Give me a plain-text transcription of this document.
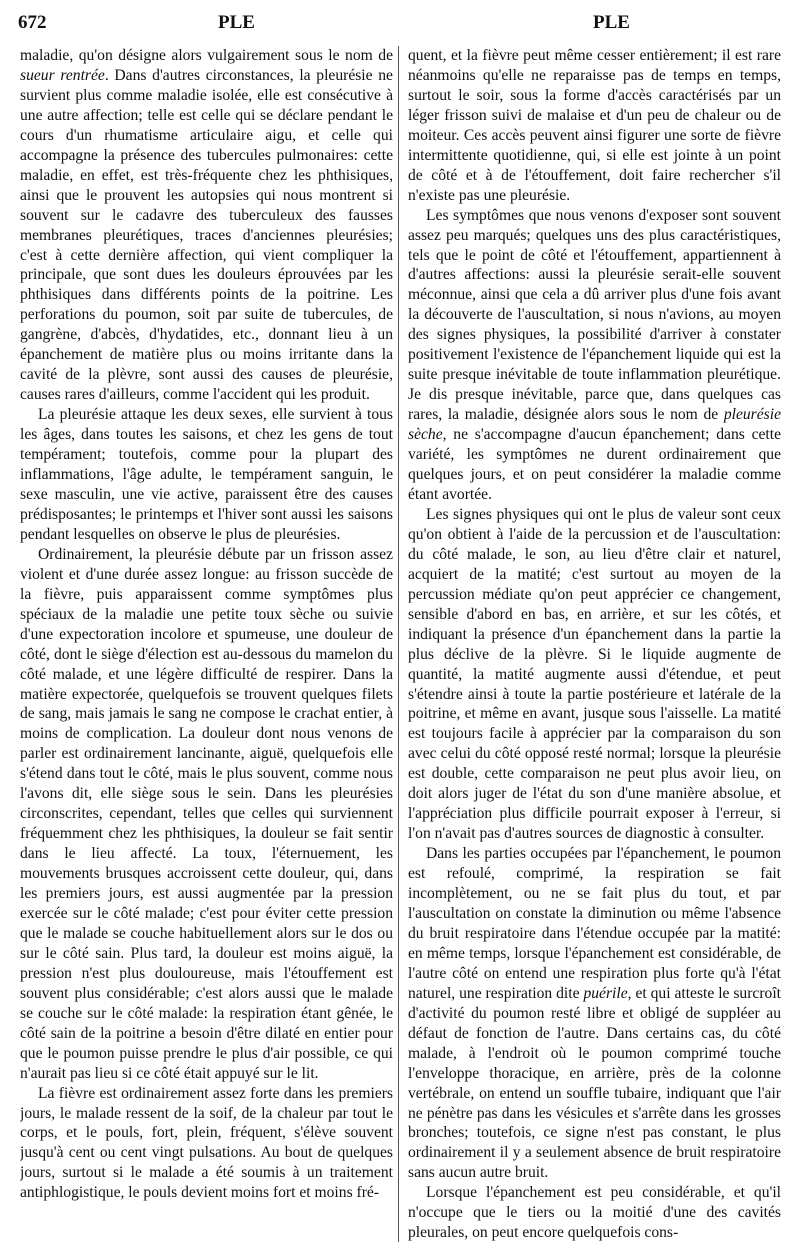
672	PLE	PLE

maladie, qu'on désigne alors vulgairement sous le nom de sueur rentrée. Dans d'autres circonstances, la pleurésie ne survient plus comme maladie isolée, elle est consécutive à une autre affection; telle est celle qui se déclare pendant le cours d'un rhumatisme articulaire aigu, et celle qui accompagne la présence des tubercules pulmonaires: cette maladie, en effet, est très-fréquente chez les phthisiques, ainsi que le prouvent les autopsies qui nous montrent si souvent sur le cadavre des tuberculeux des fausses membranes pleurétiques, traces d'anciennes pleurésies; c'est à cette dernière affection, qui vient compliquer la principale, que sont dues les douleurs éprouvées par les phthisiques dans différents points de la poitrine. Les perforations du poumon, soit par suite de tubercules, de gangrène, d'abcès, d'hydatides, etc., donnant lieu à un épanchement de matière plus ou moins irritante dans la cavité de la plèvre, sont aussi des causes de pleurésie, causes rares d'ailleurs, comme l'accident qui les produit.

La pleurésie attaque les deux sexes, elle survient à tous les âges, dans toutes les saisons, et chez les gens de tout tempérament; toutefois, comme pour la plupart des inflammations, l'âge adulte, le tempérament sanguin, le sexe masculin, une vie active, paraissent être des causes prédisposantes; le printemps et l'hiver sont aussi les saisons pendant lesquelles on observe le plus de pleurésies.

Ordinairement, la pleurésie débute par un frisson assez violent et d'une durée assez longue: au frisson succède de la fièvre, puis apparaissent comme symptômes plus spéciaux de la maladie une petite toux sèche ou suivie d'une expectoration incolore et spumeuse, une douleur de côté, dont le siège d'élection est au-dessous du mamelon du côté malade, et une légère difficulté de respirer. Dans la matière expectorée, quelquefois se trouvent quelques filets de sang, mais jamais le sang ne compose le crachat entier, à moins de complication. La douleur dont nous venons de parler est ordinairement lancinante, aiguë, quelquefois elle s'étend dans tout le côté, mais le plus souvent, comme nous l'avons dit, elle siège sous le sein. Dans les pleurésies circonscrites, cependant, telles que celles qui surviennent fréquemment chez les phthisiques, la douleur se fait sentir dans le lieu affecté. La toux, l'éternuement, les mouvements brusques accroissent cette douleur, qui, dans les premiers jours, est aussi augmentée par la pression exercée sur le côté malade; c'est pour éviter cette pression que le malade se couche habituellement alors sur le dos ou sur le côté sain. Plus tard, la douleur est moins aiguë, la pression n'est plus douloureuse, mais l'étouffement est souvent plus considérable; c'est alors aussi que le malade se couche sur le côté malade: la respiration étant gênée, le côté sain de la poitrine a besoin d'être dilaté en entier pour que le poumon puisse prendre le plus d'air possible, ce qui n'aurait pas lieu si ce côté était appuyé sur le lit.

La fièvre est ordinairement assez forte dans les premiers jours, le malade ressent de la soif, de la chaleur par tout le corps, et le pouls, fort, plein, fréquent, s'élève souvent jusqu'à cent ou cent vingt pulsations. Au bout de quelques jours, surtout si le malade a été soumis à un traitement antiphlogistique, le pouls devient moins fort et moins fré-

quent, et la fièvre peut même cesser entièrement; il est rare néanmoins qu'elle ne reparaisse pas de temps en temps, surtout le soir, sous la forme d'accès caractérisés par un léger frisson suivi de malaise et d'un peu de chaleur ou de moiteur. Ces accès peuvent ainsi figurer une sorte de fièvre intermittente quotidienne, qui, si elle est jointe à un point de côté et à de l'étouffement, doit faire rechercher s'il n'existe pas une pleurésie.

Les symptômes que nous venons d'exposer sont souvent assez peu marqués; quelques uns des plus caractéristiques, tels que le point de côté et l'étouffement, appartiennent à d'autres affections: aussi la pleurésie serait-elle souvent méconnue, ainsi que cela a dû arriver plus d'une fois avant la découverte de l'auscultation, si nous n'avions, au moyen des signes physiques, la possibilité d'arriver à constater positivement l'existence de l'épanchement liquide qui est la suite presque inévitable de toute inflammation pleurétique. Je dis presque inévitable, parce que, dans quelques cas rares, la maladie, désignée alors sous le nom de pleurésie sèche, ne s'accompagne d'aucun épanchement; dans cette variété, les symptômes ne durent ordinairement que quelques jours, et on peut considérer la maladie comme étant avortée.

Les signes physiques qui ont le plus de valeur sont ceux qu'on obtient à l'aide de la percussion et de l'auscultation: du côté malade, le son, au lieu d'être clair et naturel, acquiert de la matité; c'est surtout au moyen de la percussion médiate qu'on peut apprécier ce changement, sensible d'abord en bas, en arrière, et sur les côtés, et indiquant la présence d'un épanchement dans la partie la plus déclive de la plèvre. Si le liquide augmente de quantité, la matité augmente aussi d'étendue, et peut s'étendre ainsi à toute la partie postérieure et latérale de la poitrine, et même en avant, jusque sous l'aisselle. La matité est toujours facile à apprécier par la comparaison du son avec celui du côté opposé resté normal; lorsque la pleurésie est double, cette comparaison ne peut plus avoir lieu, on doit alors juger de l'état du son d'une manière absolue, et l'appréciation plus difficile pourrait exposer à l'erreur, si l'on n'avait pas d'autres sources de diagnostic à consulter.

Dans les parties occupées par l'épanchement, le poumon est refoulé, comprimé, la respiration se fait incomplètement, ou ne se fait plus du tout, et par l'auscultation on constate la diminution ou même l'absence du bruit respiratoire dans l'étendue occupée par la matité: en même temps, lorsque l'épanchement est considérable, de l'autre côté on entend une respiration plus forte qu'à l'état naturel, une respiration dite puérile, et qui atteste le surcroît d'activité du poumon resté libre et obligé de suppléer au défaut de fonction de l'autre. Dans certains cas, du côté malade, à l'endroit où le poumon comprimé touche l'enveloppe thoracique, en arrière, près de la colonne vertébrale, on entend un souffle tubaire, indiquant que l'air ne pénètre pas dans les vésicules et s'arrête dans les grosses bronches; toutefois, ce signe n'est pas constant, le plus ordinairement il y a seulement absence de bruit respiratoire sans aucun autre bruit.

Lorsque l'épanchement est peu considérable, et qu'il n'occupe que le tiers ou la moitié d'une des cavités pleurales, on peut encore quelquefois cons-
